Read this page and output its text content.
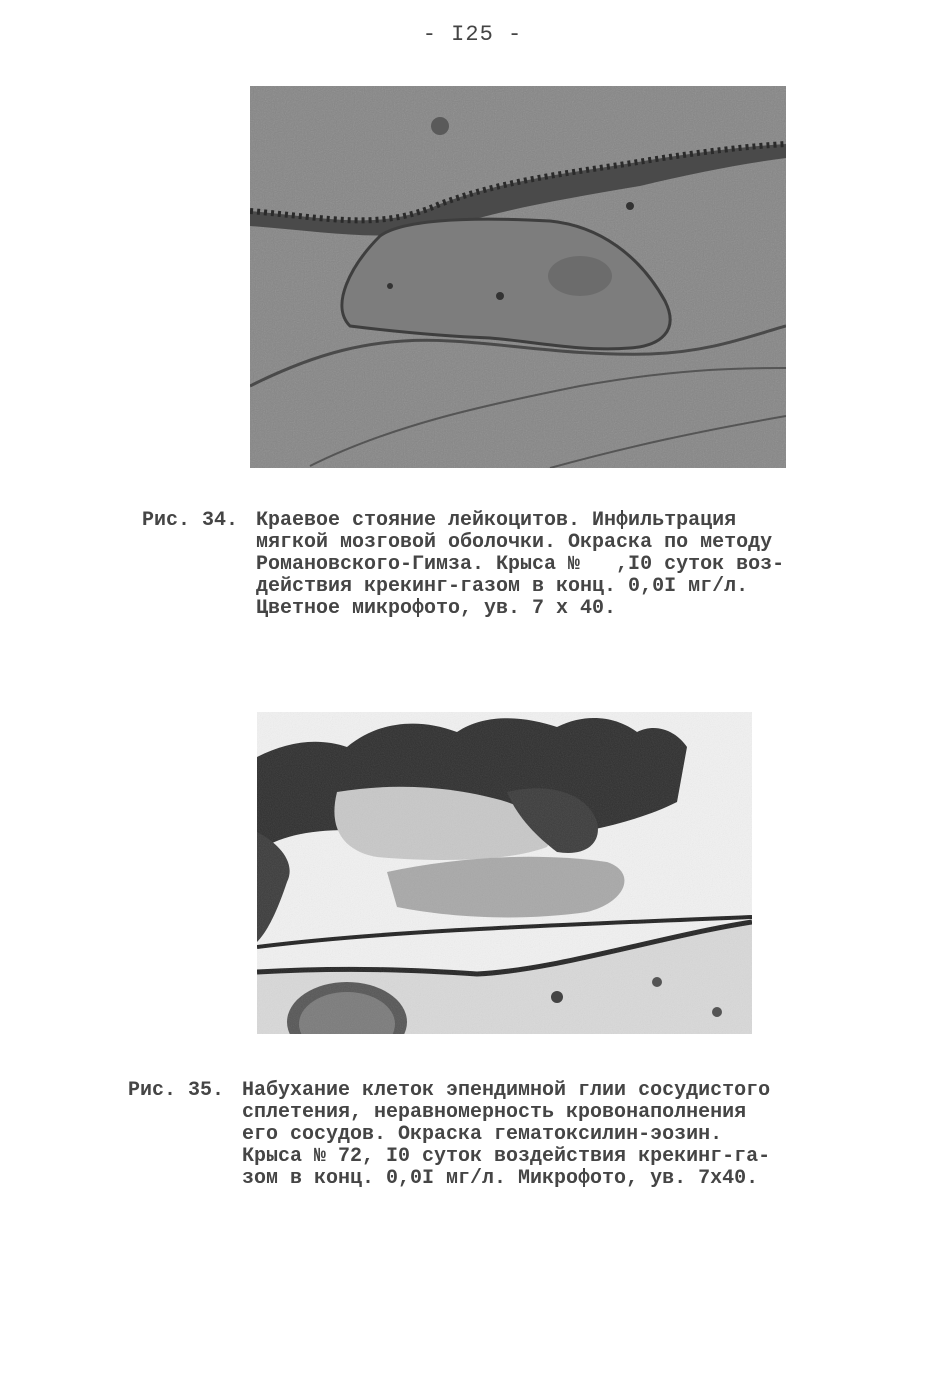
- I25 -
Рис. 34. Краевое стояние лейкоцитов. Инфильтрация
мягкой мозговой оболочки. Окраска по методу
Романовского-Гимза. Крыса №   ,I0 суток воз-
действия крекинг-газом в конц. 0,0I мг/л.
Цветное микрофото, ув. 7 х 40.
Рис. 35. Набухание клеток эпендимной глии сосудистого
сплетения, неравномерность кровонаполнения
его сосудов. Окраска гематоксилин-эозин.
Крыса № 72, I0 суток воздействия крекинг-га-
зом в конц. 0,0I мг/л. Микрофото, ув. 7х40.
